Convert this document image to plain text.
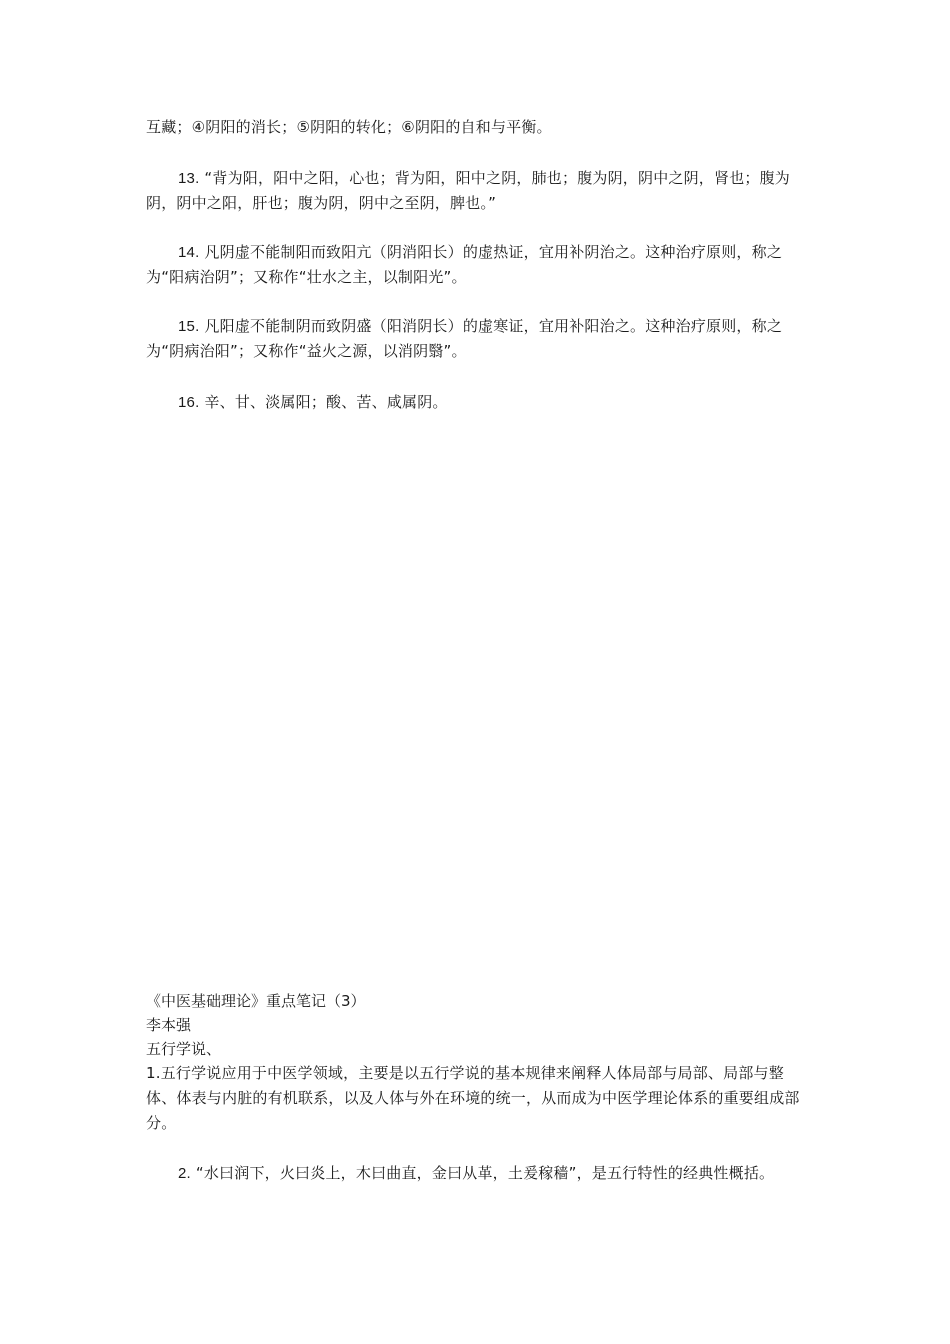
互藏；④阴阳的消长；⑤阴阳的转化；⑥阴阳的自和与平衡。

13. “背为阳，阳中之阳，心也；背为阳，阳中之阴，肺也；腹为阴，阴中之阴，肾也；腹为阴，阴中之阳，肝也；腹为阴，阴中之至阴，脾也。”

14. 凡阴虚不能制阳而致阳亢（阴消阳长）的虚热证，宜用补阴治之。这种治疗原则，称之为“阳病治阴”；又称作“壮水之主，以制阳光”。

15. 凡阳虚不能制阴而致阴盛（阳消阴长）的虚寒证，宜用补阳治之。这种治疗原则，称之为“阴病治阳”；又称作“益火之源，以消阴翳”。

16. 辛、甘、淡属阳；酸、苦、咸属阴。

《中医基础理论》重点笔记（3）

李本强

五行学说、

1.五行学说应用于中医学领域，主要是以五行学说的基本规律来阐释人体局部与局部、局部与整体、体表与内脏的有机联系，以及人体与外在环境的统一，从而成为中医学理论体系的重要组成部分。

2. “水曰润下，火曰炎上，木曰曲直，金曰从革，土爰稼穑”，是五行特性的经典性概括。
